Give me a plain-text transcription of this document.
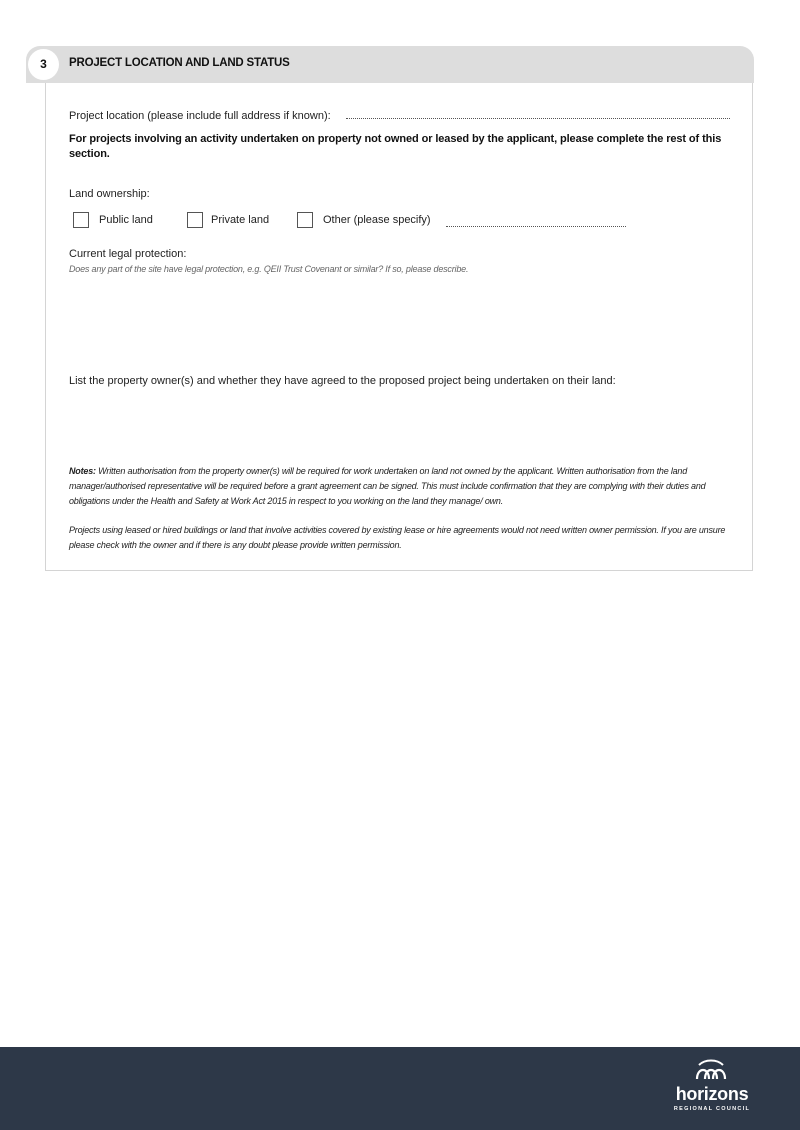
3	PROJECT LOCATION AND LAND STATUS
Project location (please include full address if known):
For projects involving an activity undertaken on property not owned or leased by the applicant, please complete the rest of this section.
Land ownership:
Public land	Private land	Other (please specify)
Current legal protection:
Does any part of the site have legal protection, e.g. QEII Trust Covenant or similar? If so, please describe.
List the property owner(s) and whether they have agreed to the proposed project being undertaken on their land:
Notes: Written authorisation from the property owner(s) will be required for work undertaken on land not owned by the applicant. Written authorisation from the land manager/authorised representative will be required before a grant agreement can be signed. This must include confirmation that they are complying with their duties and obligations under the Health and Safety at Work Act 2015 in respect to you working on the land they manage/ own.
Projects using leased or hired buildings or land that involve activities covered by existing lease or hire agreements would not need written owner permission. If you are unsure please check with the owner and if there is any doubt please provide written permission.
horizons
REGIONAL COUNCIL
